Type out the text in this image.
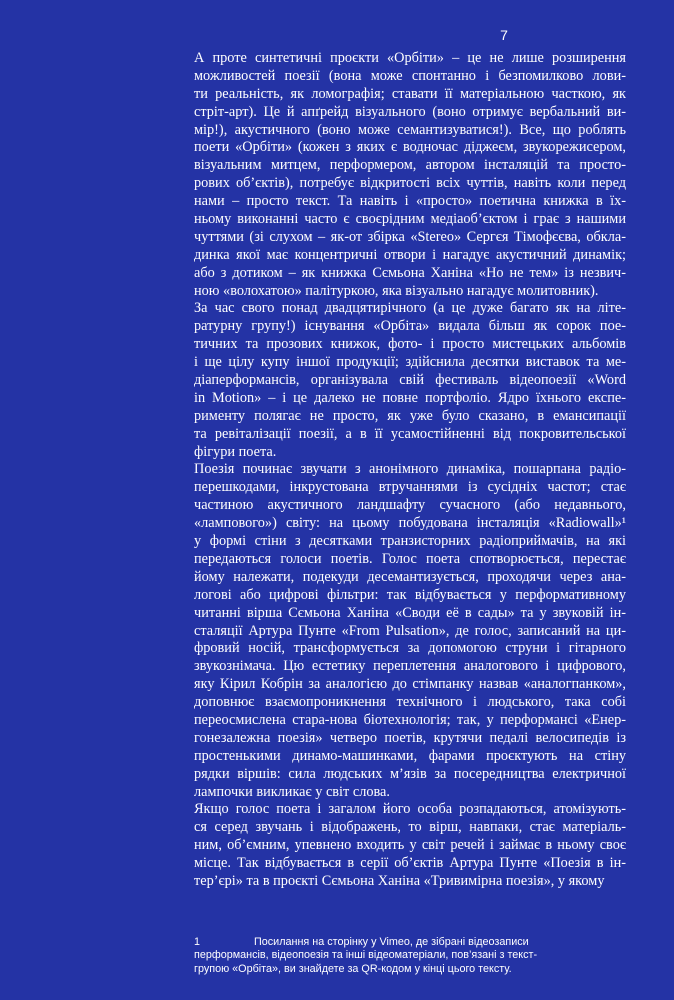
7
А проте синтетичні проєкти «Орбіти» – це не лише розширення
можливостей поезії (вона може спонтанно і безпомилково лови-
ти реальність, як ломографія; ставати її матеріальною часткою, як
стріт-арт). Це й апґрейд візуального (воно отримує вербальний ви-
мір!), акустичного (воно може семантизуватися!). Все, що роблять
поети «Орбіти» (кожен з яких є водночас діджеєм, звукорежисером,
візуальним митцем, перформером, автором інсталяцій та просто-
рових об’єктів), потребує відкритості всіх чуттів, навіть коли перед
нами – просто текст. Та навіть і «просто» поетична книжка в їх-
ньому виконанні часто є своєрідним медіаоб’єктом і грає з нашими
чуттями (зі слухом – як-от збірка «Stereo» Сергєя Тімофєєва, обкла-
динка якої має концентричні отвори і нагадує акустичний динамік;
або з дотиком – як книжка Сємьона Ханіна «Но не тем» із незвич-
ною «волохатою» палітуркою, яка візуально нагадує молитовник).
За час свого понад двадцятирічного (а це дуже багато як на літе-
ратурну групу!) існування «Орбіта» видала більш як сорок пое-
тичних та прозових книжок, фото- і просто мистецьких альбомів
і ще цілу купу іншої продукції; здійснила десятки виставок та ме-
діаперформансів, організувала свій фестиваль відеопоезії «Word
in Motion» – і це далеко не повне портфоліо. Ядро їхнього експе-
рименту полягає не просто, як уже було сказано, в емансипації
та ревіталізації поезії, а в її усамостійненні від покровительської
фігури поета.
Поезія починає звучати з анонімного динаміка, пошарпана радіо-
перешкодами, інкрустована втручаннями із сусідніх частот; стає
частиною акустичного ландшафту сучасного (або недавнього,
«лампового») світу: на цьому побудована інсталяція «Radiowall»¹
у формі стіни з десятками транзисторних радіоприймачів, на які
передаються голоси поетів. Голос поета спотворюється, перестає
йому належати, подекуди десемантизується, проходячи через ана-
логові або цифрові фільтри: так відбувається у перформативному
читанні вірша Сємьона Ханіна «Своди её в сады» та у звуковій ін-
сталяції Артура Пунте «From Pulsation», де голос, записаний на ци-
фровий носій, трансформується за допомогою струни і гітарного
звукознімача. Цю естетику переплетення аналогового і цифрового,
яку Кірил Кобрін за аналогією до стімпанку назвав «аналогпанком»,
доповнює взаємопроникнення технічного і людського, така собі
переосмислена стара-нова біотехнологія; так, у перформансі «Енер-
гонезалежна поезія» четверо поетів, крутячи педалі велосипедів із
простенькими динамо-машинками, фарами проєктують на стіну
рядки віршів: сила людських м’язів за посередництва електричної
лампочки викликає у світ слова.
Якщо голос поета і загалом його особа розпадаються, атомізують-
ся серед звучань і відображень, то вірш, навпаки, стає матеріаль-
ним, об’ємним, упевнено входить у світ речей і займає в ньому своє
місце. Так відбувається в серії об’єктів Артура Пунте «Поезія в ін-
тер’єрі» та в проєкті Сємьона Ханіна «Тривимірна поезія», у якому
1	Посилання на сторінку у Vimeo, де зібрані відеозаписи
перформансів, відеопоезія та інші відеоматеріали, пов’язані з текст-
групою «Орбіта», ви знайдете за QR-кодом у кінці цього тексту.
